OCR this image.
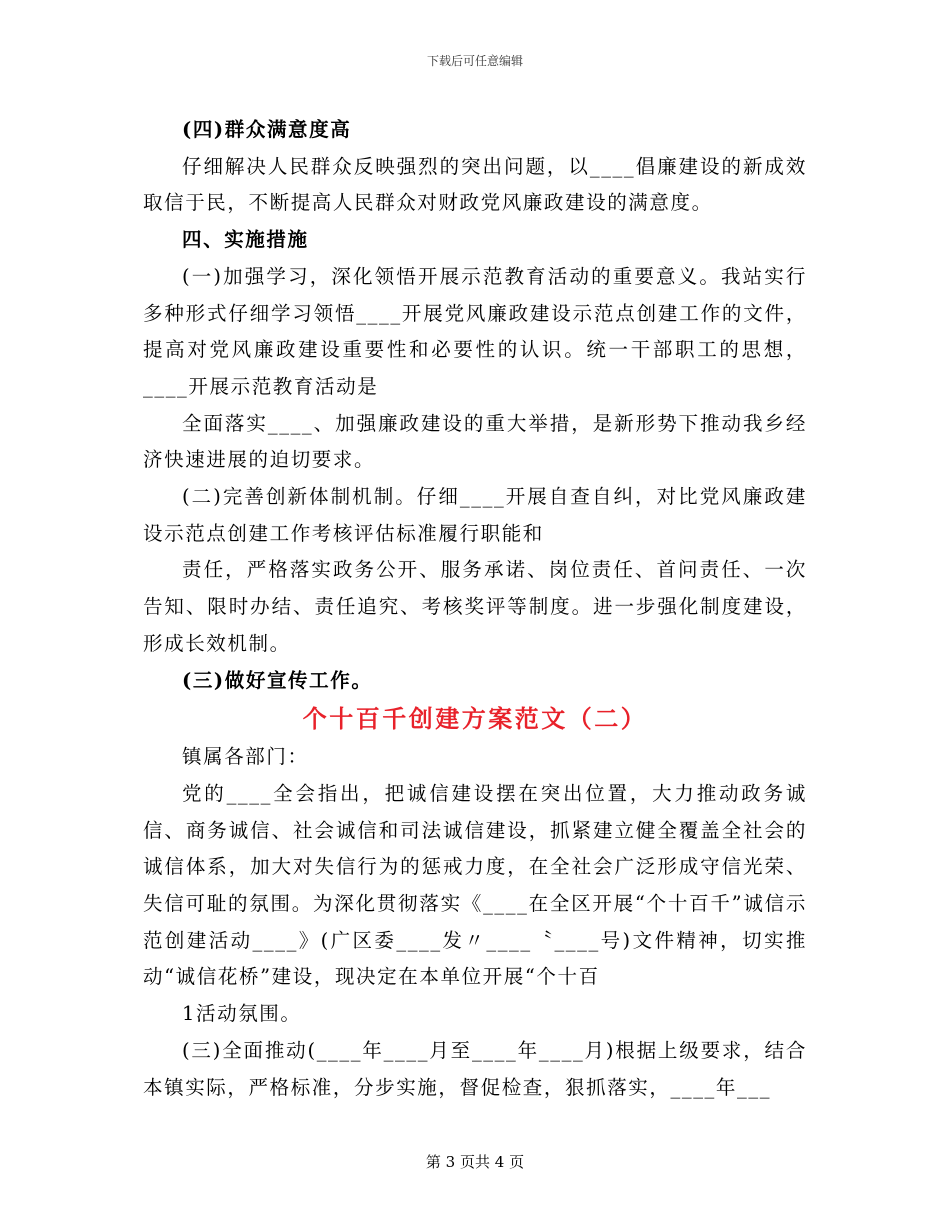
下载后可任意编辑

(四)群众满意度高

仔细解决人民群众反映强烈的突出问题，以____倡廉建设的新成效取信于民，不断提高人民群众对财政党风廉政建设的满意度。

四、实施措施

(一)加强学习，深化领悟开展示范教育活动的重要意义。我站实行多种形式仔细学习领悟____开展党风廉政建设示范点创建工作的文件，提高对党风廉政建设重要性和必要性的认识。统一干部职工的思想，____开展示范教育活动是

全面落实____、加强廉政建设的重大举措，是新形势下推动我乡经济快速进展的迫切要求。

(二)完善创新体制机制。仔细____开展自查自纠，对比党风廉政建设示范点创建工作考核评估标准履行职能和

责任，严格落实政务公开、服务承诺、岗位责任、首问责任、一次告知、限时办结、责任追究、考核奖评等制度。进一步强化制度建设，形成长效机制。

(三)做好宣传工作。

个十百千创建方案范文（二）

镇属各部门：

党的____全会指出，把诚信建设摆在突出位置，大力推动政务诚信、商务诚信、社会诚信和司法诚信建设，抓紧建立健全覆盖全社会的诚信体系，加大对失信行为的惩戒力度，在全社会广泛形成守信光荣、失信可耻的氛围。为深化贯彻落实《____在全区开展“个十百千”诚信示范创建活动____》(广区委____发〃____〝____号)文件精神，切实推动“诚信花桥”建设，现决定在本单位开展“个十百

1活动氛围。

(三)全面推动(____年____月至____年____月)根据上级要求，结合本镇实际，严格标准，分步实施，督促检查，狠抓落实，____年___

第 3 页共 4 页
